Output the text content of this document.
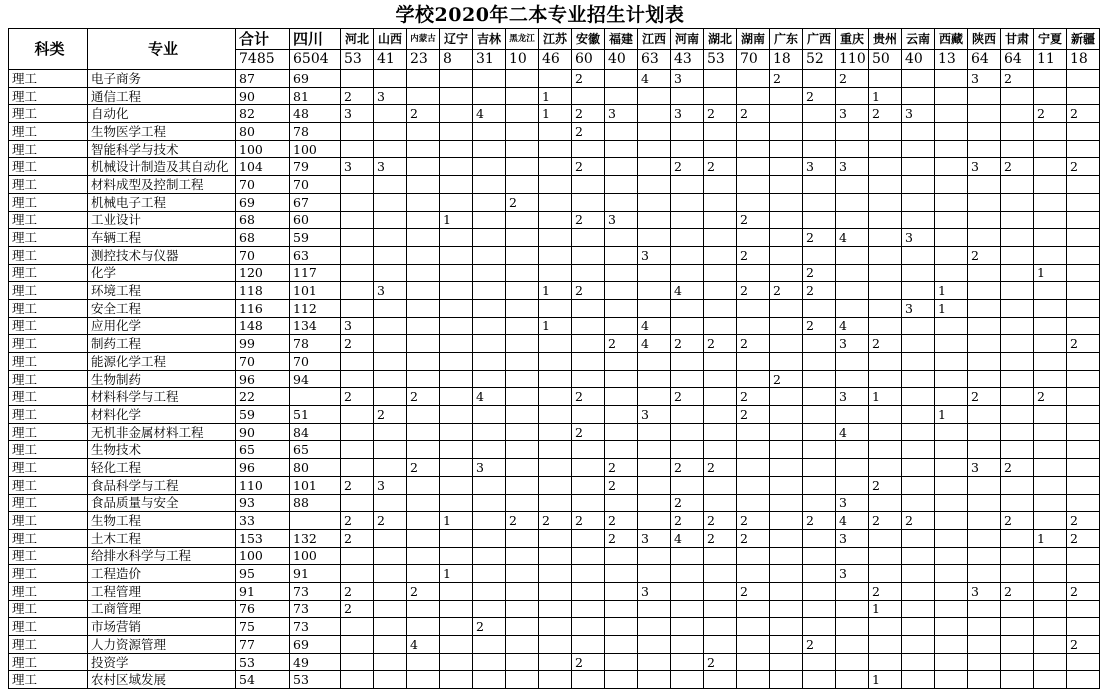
学校2020年二本专业招生计划表
科类	专业	合计	四川	河北	山西	内蒙古	辽宁	吉林	黑龙江	江苏	安徽	福建	江西	河南	湖北	湖南	广东	广西	重庆	贵州	云南	西藏	陕西	甘肃	宁夏	新疆
		7485	6504	53	41	23	8	31	10	46	60	40	63	43	53	70	18	52	110	50	40	13	64	64	11	18
理工	电子商务	87	69								2		4	3			2		2				3	2		
理工	通信工程	90	81	2	3					1								2		1						
理工	自动化	82	48	3		2		4		1	2	3		3	2	2			3	2	3				2	2
理工	生物医学工程	80	78								2															
理工	智能科学与技术	100	100																							
理工	机械设计制造及其自动化	104	79	3	3						2			2	2			3	3				3	2		2
理工	材料成型及控制工程	70	70																							
理工	机械电子工程	69	67						2																	
理工	工业设计	68	60				1				2	3				2										
理工	车辆工程	68	59															2	4		3					
理工	测控技术与仪器	70	63										3			2							2			
理工	化学	120	117															2							1	
理工	环境工程	118	101		3					1	2			4		2	2	2				1				
理工	安全工程	116	112																		3	1				
理工	应用化学	148	134	3						1			4					2	4							
理工	制药工程	99	78	2								2	4	2	2	2			3	2						2
理工	能源化学工程	70	70																							
理工	生物制药	96	94														2									
理工	材料科学与工程	22		2		2		4			2			2		2			3	1			2		2	
理工	材料化学	59	51		2								3			2						1				
理工	无机非金属材料工程	90	84								2								4							
理工	生物技术	65	65																							
理工	轻化工程	96	80			2		3				2		2	2								3	2		
理工	食品科学与工程	110	101	2	3							2								2						
理工	食品质量与安全	93	88											2					3							
理工	生物工程	33		2	2		1		2	2	2	2		2	2	2		2	4	2	2			2		2
理工	土木工程	153	132	2								2	3	4	2	2			3						1	2
理工	给排水科学与工程	100	100																							
理工	工程造价	95	91				1												3							
理工	工程管理	91	73	2		2							3			2				2			3	2		2
理工	工商管理	76	73	2																1						
理工	市场营销	75	73					2																		
理工	人力资源管理	77	69			4												2								2
理工	投资学	53	49								2				2											
理工	农村区域发展	54	53																	1						
